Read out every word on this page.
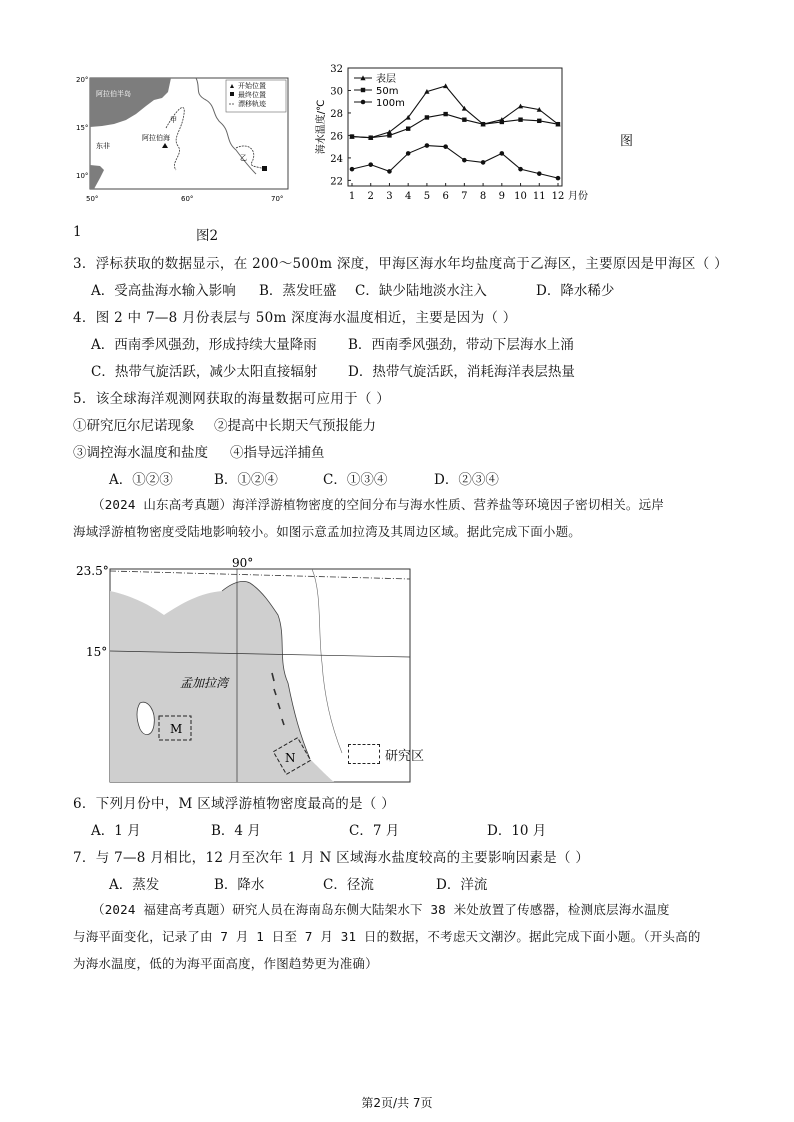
开始位置
最终位置
漂移轨迹
阿拉伯半岛
阿拉伯海
东非
甲
乙
20°
15°
10°
50°	60°	70°
22
24
26
28
30
32
1 2 3 4 5 6 7 8 9 10 11 12 月份
海水温度/℃
表层
50m
100m
图
1	图2
3．浮标获取的数据显示，在 200～500m 深度，甲海区海水年均盐度高于乙海区，主要原因是甲海区（ ）
A．受高盐海水输入影响 B．蒸发旺盛 C．缺少陆地淡水注入	D．降水稀少
4．图 2 中 7—8 月份表层与 50m 深度海水温度相近，主要是因为（ ）
A．西南季风强劲，形成持续大量降雨 B．西南季风强劲，带动下层海水上涌
C．热带气旋活跃，减少太阳直接辐射 D．热带气旋活跃，消耗海洋表层热量
5．该全球海洋观测网获取的海量数据可应用于（ ）
①研究厄尔尼诺现象 ②提高中长期天气预报能力
③调控海水温度和盐度 ④指导远洋捕鱼
A．①②③	B．①②④	C．①③④	D．②③④
（2024 山东高考真题）海洋浮游植物密度的空间分布与海水性质、营养盐等环境因子密切相关。远岸
海域浮游植物密度受陆地影响较小。如图示意孟加拉湾及其周边区域。据此完成下面小题。
M
N
孟加拉湾
23.5°
15°
90°
研究区
6．下列月份中，M 区域浮游植物密度最高的是（ ）
A．1 月	B．4 月	C．7 月	D．10 月
7．与 7—8 月相比，12 月至次年 1 月 N 区域海水盐度较高的主要影响因素是（ ）
A．蒸发	B．降水	C．径流	D．洋流
（2024 福建高考真题）研究人员在海南岛东侧大陆架水下 38 米处放置了传感器，检测底层海水温度
与海平面变化，记录了由 7 月 1 日至 7 月 31 日的数据，不考虑天文潮汐。据此完成下面小题。（开头高的
为海水温度，低的为海平面高度，作图趋势更为准确）
第2页/共 7页
